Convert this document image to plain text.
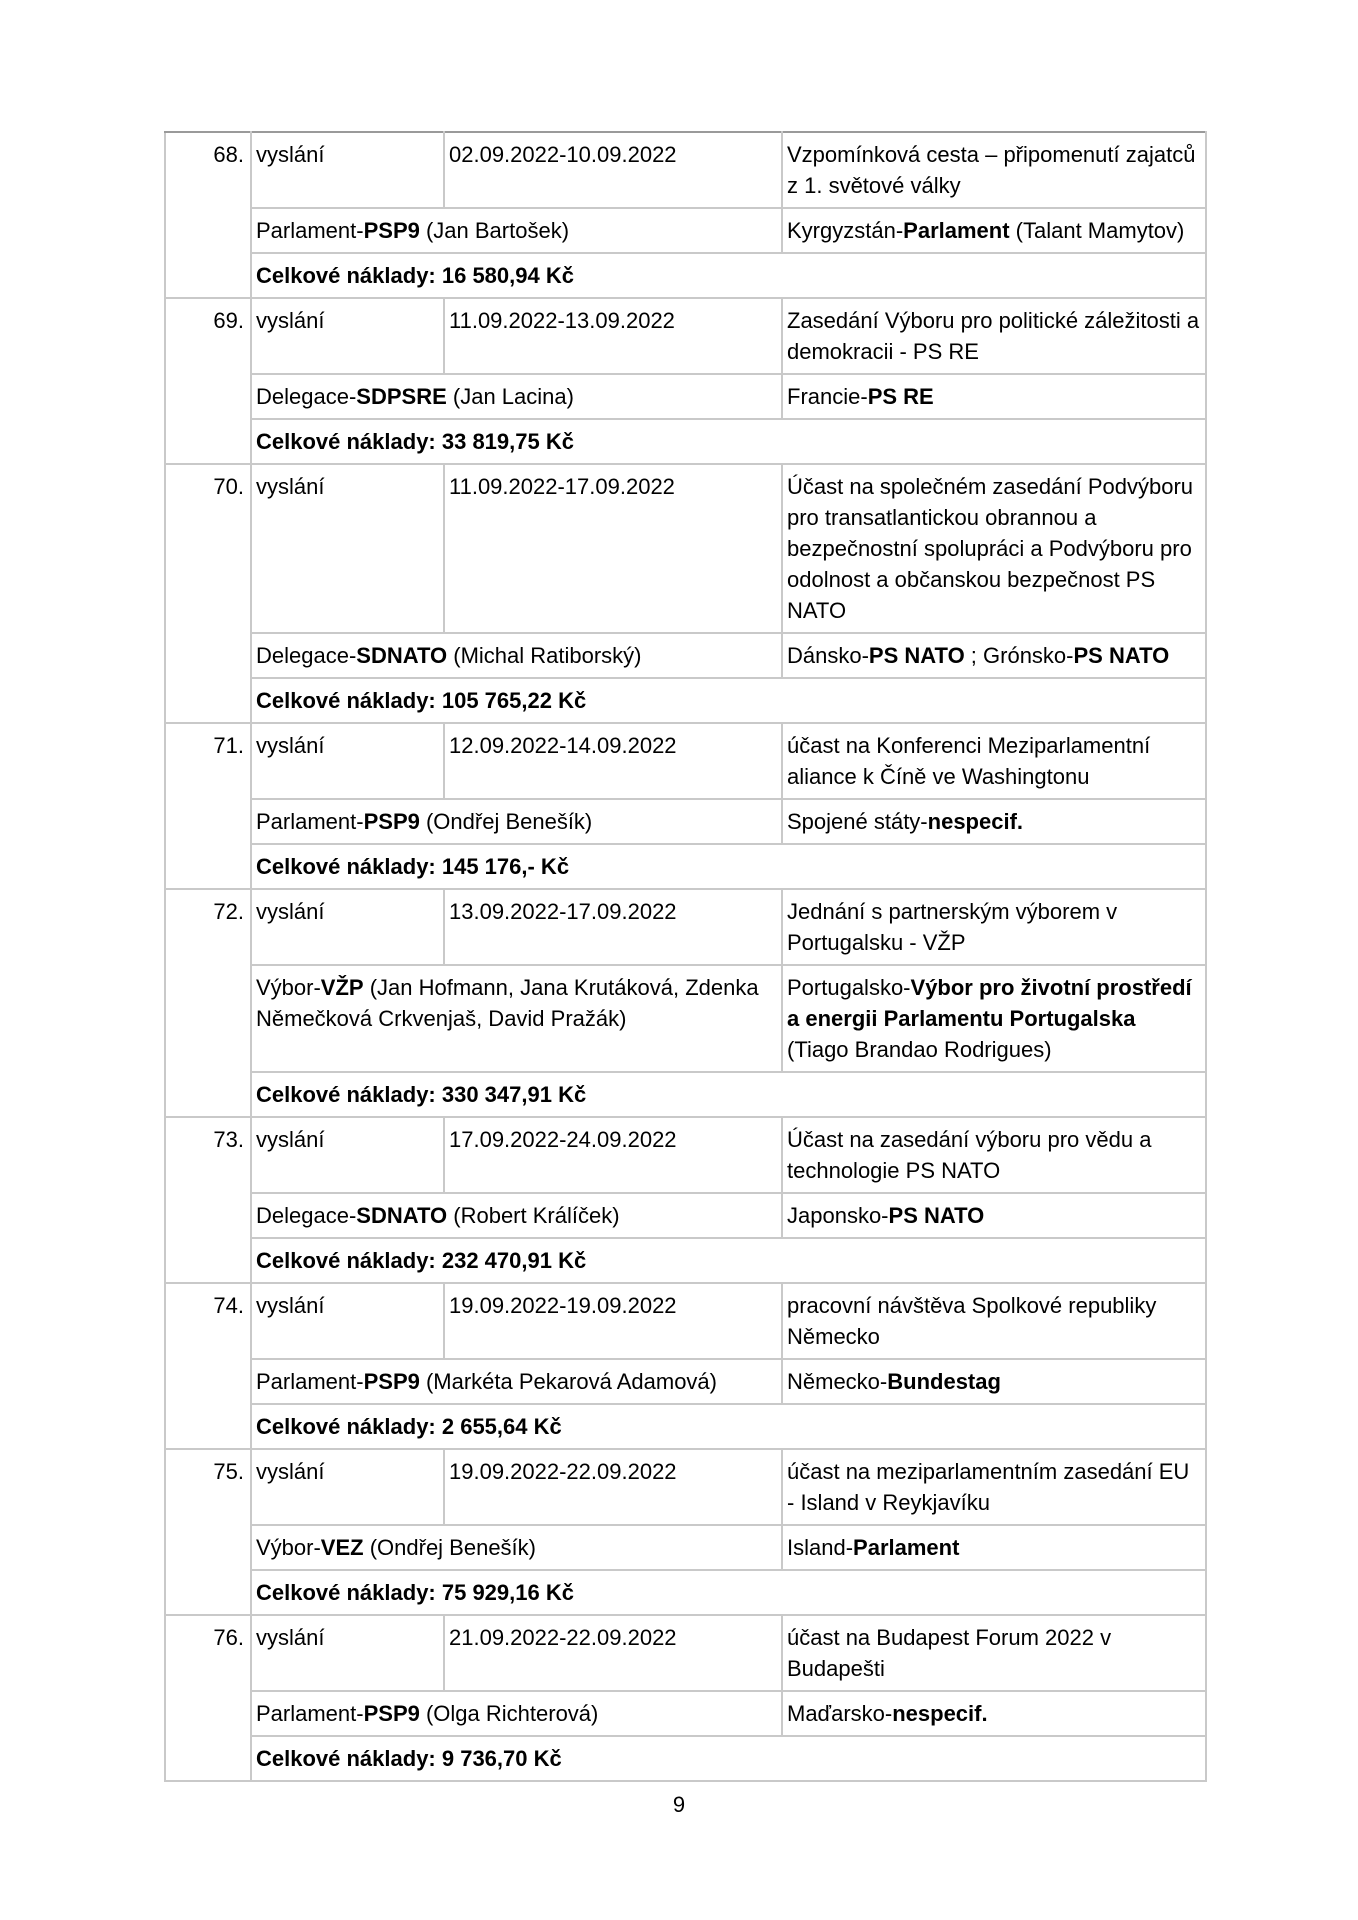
68.	vyslání	02.09.2022-10.09.2022	Vzpomínková cesta – připomenutí zajatců z 1. světové války
	Parlament-PSP9 (Jan Bartošek)		Kyrgyzstán-Parlament (Talant Mamytov)
	Celkové náklady: 16 580,94 Kč		
69.	vyslání	11.09.2022-13.09.2022	Zasedání Výboru pro politické záležitosti a demokracii - PS RE
	Delegace-SDPSRE (Jan Lacina)		Francie-PS RE
	Celkové náklady: 33 819,75 Kč		
70.	vyslání	11.09.2022-17.09.2022	Účast na společném zasedání Podvýboru pro transatlantickou obrannou a bezpečnostní spolupráci a Podvýboru pro odolnost a občanskou bezpečnost PS NATO
	Delegace-SDNATO (Michal Ratiborský)		Dánsko-PS NATO ; Grónsko-PS NATO
	Celkové náklady: 105 765,22 Kč		
71.	vyslání	12.09.2022-14.09.2022	účast na Konferenci Meziparlamentní aliance k Číně ve Washingtonu
	Parlament-PSP9 (Ondřej Benešík)		Spojené státy-nespecif.
	Celkové náklady: 145 176,- Kč		
72.	vyslání	13.09.2022-17.09.2022	Jednání s partnerským výborem v Portugalsku - VŽP
	Výbor-VŽP (Jan Hofmann, Jana Krutáková, Zdenka Němečková Crkvenjaš, David Pražák)		Portugalsko-Výbor pro životní prostředí a energii Parlamentu Portugalska (Tiago Brandao Rodrigues)
	Celkové náklady: 330 347,91 Kč		
73.	vyslání	17.09.2022-24.09.2022	Účast na zasedání výboru pro vědu a technologie PS NATO
	Delegace-SDNATO (Robert Králíček)		Japonsko-PS NATO
	Celkové náklady: 232 470,91 Kč		
74.	vyslání	19.09.2022-19.09.2022	pracovní návštěva Spolkové republiky Německo
	Parlament-PSP9 (Markéta Pekarová Adamová)		Německo-Bundestag
	Celkové náklady: 2 655,64 Kč		
75.	vyslání	19.09.2022-22.09.2022	účast na meziparlamentním zasedání EU - Island v Reykjavíku
	Výbor-VEZ (Ondřej Benešík)		Island-Parlament
	Celkové náklady: 75 929,16 Kč		
76.	vyslání	21.09.2022-22.09.2022	účast na Budapest Forum 2022 v Budapešti
	Parlament-PSP9 (Olga Richterová)		Maďarsko-nespecif.
	Celkové náklady: 9 736,70 Kč		
9
